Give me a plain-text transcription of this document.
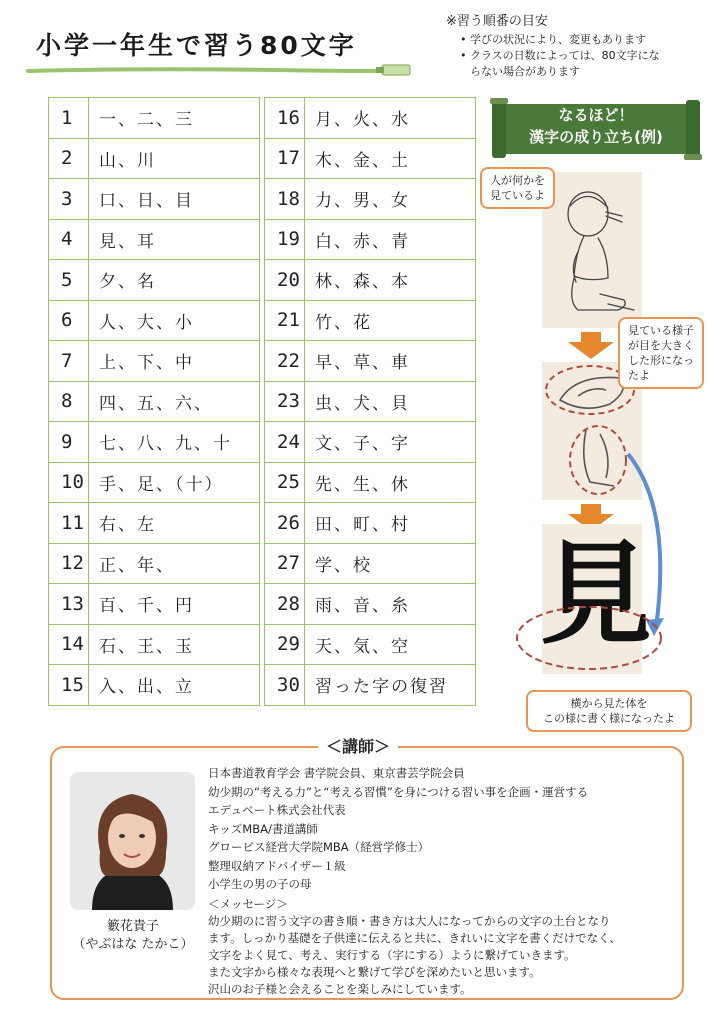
小学一年生で習う80文字
※習う順番の目安
• 学びの状況により、変更もあります
• クラスの日数によっては、80文字にな
らない場合があります
1	一、二、三
2	山、川
3	口、日、目
4	見、耳
5	夕、名
6	人、大、小
7	上、下、中
8	四、五、六、
9	七、八、九、十
10	手、足、（十）
11	右、左
12	正、年、
13	百、千、円
14	石、王、玉
15	入、出、立
16	月、火、水
17	木、金、土
18	力、男、女
19	白、赤、青
20	林、森、本
21	竹、花
22	早、草、車
23	虫、犬、貝
24	文、子、字
25	先、生、休
26	田、町、村
27	学、校
28	雨、音、糸
29	天、気、空
30	習った字の復習
なるほど！
漢字の成り立ち(例)
人が何かを
見ているよ
見ている様子
が目を大きく
した形になっ
たよ
見
横から見た体を
この様に書く様になったよ
＜講師＞
籔花貴子
（やぶはな たかこ）
日本書道教育学会 書学院会員、東京書芸学院会員
幼少期の“考える力”と“考える習慣”を身につける習い事を企画・運営する
エデュベート株式会社代表
キッズMBA/書道講師
グロービス経営大学院MBA（経営学修士）
整理収納アドバイザー１級
小学生の男の子の母
＜メッセージ＞
幼少期のに習う文字の書き順・書き方は大人になってからの文字の土台となり
ます。しっかり基礎を子供達に伝えると共に、きれいに文字を書くだけでなく、
文字をよく見て、考え、実行する（字にする）ように繋げていきます。
また文字から様々な表現へと繋げて学びを深めたいと思います。
沢山のお子様と会えることを楽しみにしています。
